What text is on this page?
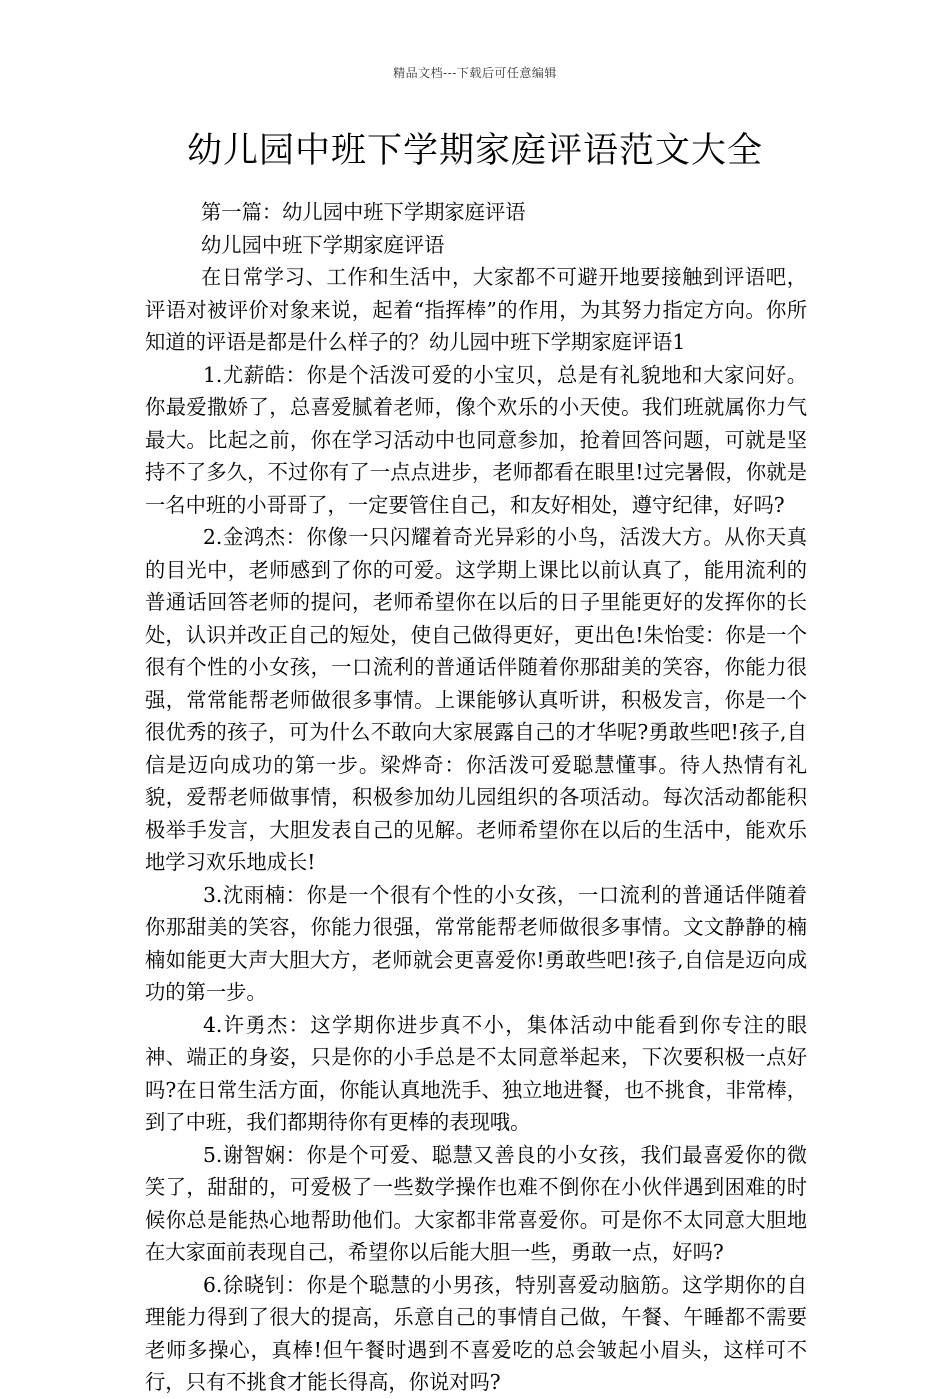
精品文档---下载后可任意编辑
幼儿园中班下学期家庭评语范文大全

第一篇：幼儿园中班下学期家庭评语

幼儿园中班下学期家庭评语

在日常学习、工作和生活中，大家都不可避开地要接触到评语吧，评语对被评价对象来说，起着“指挥棒”的作用，为其努力指定方向。你所知道的评语是都是什么样子的？幼儿园中班下学期家庭评语1

1.尤薪皓：你是个活泼可爱的小宝贝，总是有礼貌地和大家问好。你最爱撒娇了，总喜爱腻着老师，像个欢乐的小天使。我们班就属你力气最大。比起之前，你在学习活动中也同意参加，抢着回答问题，可就是坚持不了多久，不过你有了一点点进步，老师都看在眼里!过完暑假，你就是一名中班的小哥哥了，一定要管住自己，和友好相处，遵守纪律，好吗?

2.金鸿杰：你像一只闪耀着奇光异彩的小鸟，活泼大方。从你天真的目光中，老师感到了你的可爱。这学期上课比以前认真了，能用流利的普通话回答老师的提问，老师希望你在以后的日子里能更好的发挥你的长处，认识并改正自己的短处，使自己做得更好，更出色!朱怡雯：你是一个很有个性的小女孩，一口流利的普通话伴随着你那甜美的笑容，你能力很强，常常能帮老师做很多事情。上课能够认真听讲，积极发言，你是一个很优秀的孩子，可为什么不敢向大家展露自己的才华呢?勇敢些吧!孩子,自信是迈向成功的第一步。梁烨奇：你活泼可爱聪慧懂事。待人热情有礼貌，爱帮老师做事情，积极参加幼儿园组织的各项活动。每次活动都能积极举手发言，大胆发表自己的见解。老师希望你在以后的生活中，能欢乐地学习欢乐地成长!

3.沈雨楠：你是一个很有个性的小女孩，一口流利的普通话伴随着你那甜美的笑容，你能力很强，常常能帮老师做很多事情。文文静静的楠楠如能更大声大胆大方，老师就会更喜爱你!勇敢些吧!孩子,自信是迈向成功的第一步。

4.许勇杰：这学期你进步真不小，集体活动中能看到你专注的眼神、端正的身姿，只是你的小手总是不太同意举起来，下次要积极一点好吗?在日常生活方面，你能认真地洗手、独立地进餐，也不挑食，非常棒，到了中班，我们都期待你有更棒的表现哦。

5.谢智娴：你是个可爱、聪慧又善良的小女孩，我们最喜爱你的微笑了，甜甜的，可爱极了一些数学操作也难不倒你在小伙伴遇到困难的时候你总是能热心地帮助他们。大家都非常喜爱你。可是你不太同意大胆地在大家面前表现自己，希望你以后能大胆一些，勇敢一点，好吗?

6.徐晓钊：你是个聪慧的小男孩，特别喜爱动脑筋。这学期你的自理能力得到了很大的提高，乐意自己的事情自己做，午餐、午睡都不需要老师多操心，真棒!但午餐时遇到不喜爱吃的总会皱起小眉头，这样可不行，只有不挑食才能长得高，你说对吗?
